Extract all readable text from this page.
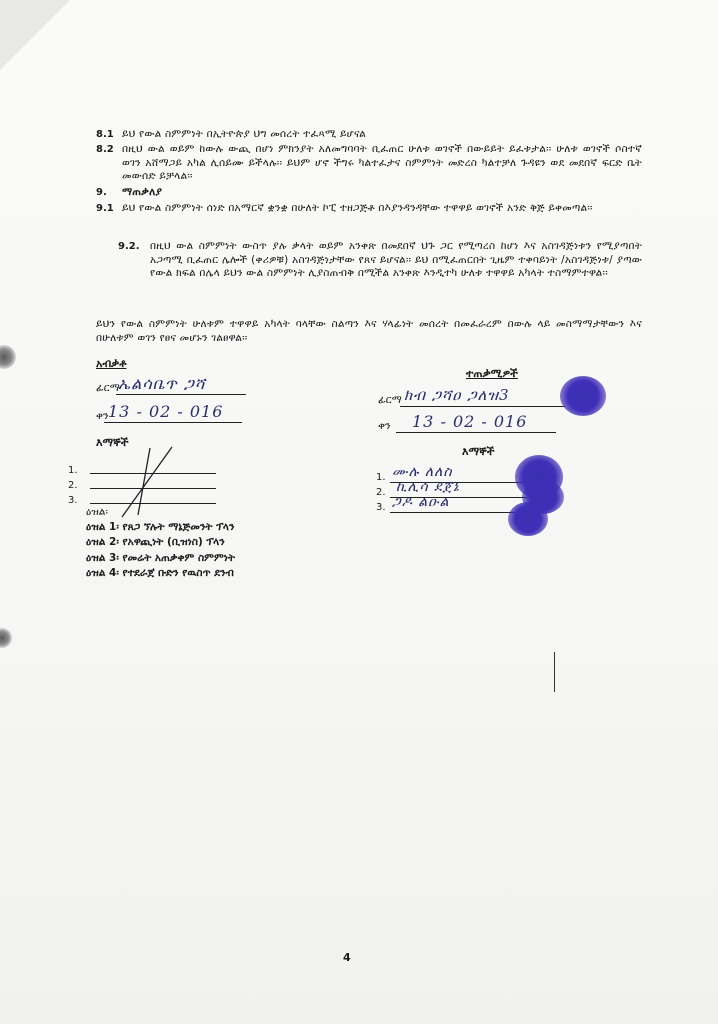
8.1 ይህ የውል ስምምነት በኢትዮጵያ ህግ መሰረት ተፈጻሚ ይሆናል
8.2 በዚህ ውል ወይም ከውሉ ውጪ በሆነ ምክንያት አለመግባባት ቢፈጠር ሁለቱ ወገኖች በውይይት ይፈቱታል፡፡ ሁለቱ ወገኖች ሶስተኛ ወገን አሸማጋይ አካል ሊሰይሙ ይችላሉ፡፡ ይህም ሆኖ ችግሩ ካልተፈታና ስምምነት መድረስ ካልተቻለ ጉዳዩን ወደ መደበኛ ፍርድ ቤት መውሰድ ይቻላል፡፡
9. ማጠቃለያ
9.1 ይህ የውል ስምምነት ሰነድ በአማርኛ ቋንቋ በሁለት ኮፒ ተዘጋጅቶ በእያንዳንዳቸው ተዋዋይ ወገኖች አንድ ቅጅ ይቀመጣል፡፡
9.2. በዚህ ውል ስምምነት ውስጥ ያሉ ቃላት ወይም አንቀጽ በመደበኛ ህጉ ጋር የሚጣረስ ከሆነ እና አስገዳጅነቱን የሚያጣበት አጋጣሚ ቢፈጠር ሌሎች (ቀሪዎቹ) አስገዳጅነታቸው የጸና ይሆናል፡፡ ይህ በሚፈጠርበት ጊዜም ተቀባይነት /አስገዳጅነቱ/ ያጣው የውል ክፍል በሌላ ይህን ውል ስምምነት ሊያስጠብቅ በሚችል አንቀጽ እንዲተካ ሁለቱ ተዋዋይ አካላት ተስማምተዋል፡፡
ይህን የውል ስምምነት ሁለቱም ተዋዋይ አካላት ባላቸው ስልጣን እና ሃላፊነት መሰረት በመፈራረም በውሉ ላይ መስማማታቸውን እና በሁለቱም ወገን የፀና መሆኑን ገልፀዋል፡፡
አብቃቶ
ፊርማ
ኤልሳቤጥ ጋሻ
ቀን 13 - 02 - 016
እማኞች
1.
2.
3.
ዕዝል፡
ዕዝል 1፡ የጸጋ ኘሉት ማኔጅመንት ፕላን
ዕዝል 2፡ የአዋጪነት (ቢዝነስ) ፕላን
ዕዝል 3፡ የመሬት አጠቃቀም ስምምነት
ዕዝል 4፡ የተደራጀ ቡድን የዉስጥ ደንብ
ተጠቃሚዎች
ፊርማ ክብ ጋሻዐ ጋለዝ3
ቀን 13 - 02 - 016
እማኞች
1. ሙሉ ለለስ
2. ኪሊሳ ደጀኔ
3. ጋዶ ልዑል
4
